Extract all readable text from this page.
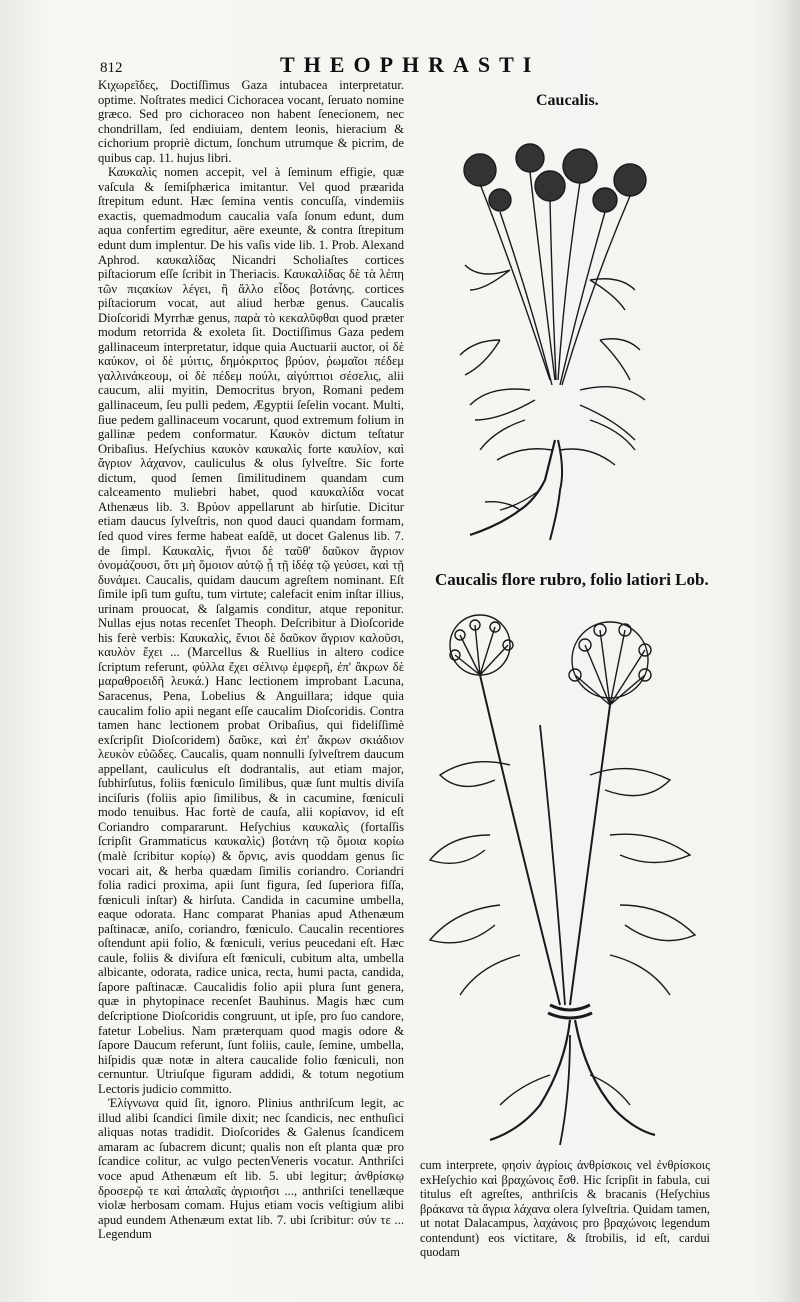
812	THEOPHRASTI

Κιχωρεῖδες, Doctiſſimus Gaza intubacea interpretatur. optime. Noſtrates medici Cichoracea vocant, ſeruato nomine græco. Sed pro cichoraceo non habent ſenecionem, nec chondrillam, ſed endiuiam, dentem leonis, hieracium & cichorium propriè dictum, ſonchum utrumque & picrim, de quibus cap. 11. hujus libri.

Καυκαλὶς nomen accepit, vel à ſeminum effigie, quæ vaſcula & ſemiſphærica imitantur. Vel quod præarida ſtrepitum edunt. Hæc ſemina ventis concuſſa, vindemiis exactis, quemadmodum caucalia vaſa ſonum edunt, dum aqua confertim egreditur, aëre exeunte, & contra ſtrepitum edunt dum implentur. De his vaſis vide lib. 1. Prob. Alexand Aphrod. καυκαλίδας Nicandri Scholiaſtes cortices piſtaciorum eſſe ſcribit in Theriacis. Καυκαλίδας δὲ τὰ λέπη τῶν πιςακίων λέγει, ἢ ἄλλο εἶδος βοτάνης. cortices piſtaciorum vocat, aut aliud herbæ genus. Caucalis Dioſcoridi Myrrhæ genus, παρὰ τὸ κεκαλῦφθαι quod præter modum retorrida & exoleta ſit. Doctiſſimus Gaza pedem gallinaceum interpretatur, idque quia Auctuarii auctor, οἱ δὲ καύκον, οἱ δὲ μύιτις, δημόκριτος βρύον, ῥωμαῖοι πέδεμ γαλλινάκεουμ, οἱ δὲ πέδεμ πούλι, αἰγύπτιοι σέσελις, alii caucum, alii myitin, Democritus bryon, Romani pedem gallinaceum, ſeu pulli pedem, Ægyptii ſeſelin vocant. Multi, ſiue pedem gallinaceum vocarunt, quod extremum folium in gallinæ pedem conformatur. Καυκὸν dictum teſtatur Oribaſius. Heſychius καυκὸν καυκαλὶς forte καυλίον, καὶ ἄγριον λάχανον, cauliculus & olus ſylveſtre. Sic forte dictum, quod ſemen ſimilitudinem quandam cum calceamento muliebri habet, quod καυκαλίδα vocat Athenæus lib. 3. Βρύον appellarunt ab hirſutie. Dicitur etiam daucus ſylveſtris, non quod dauci quandam formam, ſed quod vires ferme habeat eaſdẽ, ut docet Galenus lib. 7. de ſimpl. Καυκαλὶς, ἥνιοι δὲ ταῦθ' δαῦκον ἄγριον ὀνομάζουσι, ὅτι μὴ ὅμοιον αὐτῷ ᾖ τῇ ἰδέᾳ τῷ γεύσει, καὶ τῇ δυνάμει. Caucalis, quidam daucum agreſtem nominant. Eſt ſimile ipſi tum guſtu, tum virtute; calefacit enim inſtar illius, urinam prouocat, & ſalgamis conditur, atque reponitur. Nullas ejus notas recenſet Theoph. Deſcribitur à Dioſcoride his ferè verbis: Καυκαλὶς, ἔνιοι δὲ δαῦκον ἄγριον καλοῦσι, καυλὸν ἔχει ... (Marcellus & Ruellius in altero codice ſcriptum referunt, φύλλα ἔχει σέλινῳ ἐμφερῆ, ἐπ' ἄκρων δὲ μαραθροειδῆ λευκά.) Hanc lectionem improbant Lacuna, Saracenus, Pena, Lobelius & Anguillara; idque quia caucalim folio apii negant eſſe caucalim Dioſcoridis. Contra tamen hanc lectionem probat Oribaſius, qui fideliſſimè exſcripſit Dioſcoridem) δαῦκε, καὶ ἐπ' ἄκρων σκιάδιον λευκὸν εὐῶδες. Caucalis, quam nonnulli ſylveſtrem daucum appellant, cauliculus eſt dodrantalis, aut etiam major, ſubhirſutus, foliis fœniculo ſimilibus, quæ ſunt multis diviſa inciſuris (foliis apio ſimilibus, & in cacumine, fœniculi modo tenuibus. Hac fortè de cauſa, alii κορίανον, id eſt Coriandro compararunt. Heſychius καυκαλὶς (fortaſſis ſcripſit Grammaticus καυκαλὶς) βοτάνη τῷ ὅμοια κορίω (malè ſcribitur κορίῳ) & ὄρνις, avis quoddam genus ſic vocari ait, & herba quædam ſimilis coriandro. Coriandri folia radici proxima, apii ſunt figura, ſed ſuperiora fiſſa, fœniculi inſtar) & hirſuta. Candida in cacumine umbella, eaque odorata. Hanc comparat Phanias apud Athenæum paſtinacæ, aniſo, coriandro, fœniculo. Caucalin recentiores oſtendunt apii folio, & fœniculi, verius peucedani eſt. Hæc caule, foliis & diviſura eſt fœniculi, cubitum alta, umbella albicante, odorata, radice unica, recta, humi pacta, candida, ſapore paſtinacæ. Caucalidis folio apii plura ſunt genera, quæ in phytopinace recenſet Bauhinus. Magis hæc cum deſcriptione Dioſcoridis congruunt, ut ipſe, pro ſuo candore, fatetur Lobelius. Nam præterquam quod magis odore & ſapore Daucum referunt, ſunt foliis, caule, ſemine, umbella, hiſpidis quæ notæ in altera caucalide folio fœniculi, non cernuntur. Utriuſque figuram addidi, & totum negotium Lectoris judicio committo.

Ἐλίγνωνα quid ſit, ignoro. Plinius anthriſcum legit, ac illud alibi ſcandici ſimile dixit; nec ſcandicis, nec enthuſici aliquas notas tradidit. Dioſcorides & Galenus ſcandicem amaram ac ſubacrem dicunt; qualis non eſt planta quæ pro ſcandice colitur, ac vulgo pectenVeneris vocatur. Anthriſci voce apud Athenæum eſt lib. 5. ubi legitur; ἀνθρίσκῳ δροσερῷ τε καὶ ἀπαλαῖς ἀγριοιῆσι ..., anthriſci tenellæque violæ herbosam comam. Hujus etiam vocis veſtigium alibi apud eundem Athenæum extat lib. 7. ubi ſcribitur: σύν τε ... Legendum

Caucalis.
Caucalis flore rubro, folio latiori Lob.
cum interprete, φησὶν ἀγρίοις ἀνθρίσκοις vel ἐνθρίσκοις exHeſychio καὶ βραχώνοις ἔσθ. Hic ſcripſit in fabula, cui titulus eſt agreſtes, anthriſcis & bracanis (Heſychius βράκανα τὰ ἄγρια λάχανα olera ſylveſtria. Quidam tamen, ut notat Dalacampus, λαχάνοις pro βραχώνοις legendum contendunt) eos victitare, & ſtrobilis, id eſt, cardui quodam
